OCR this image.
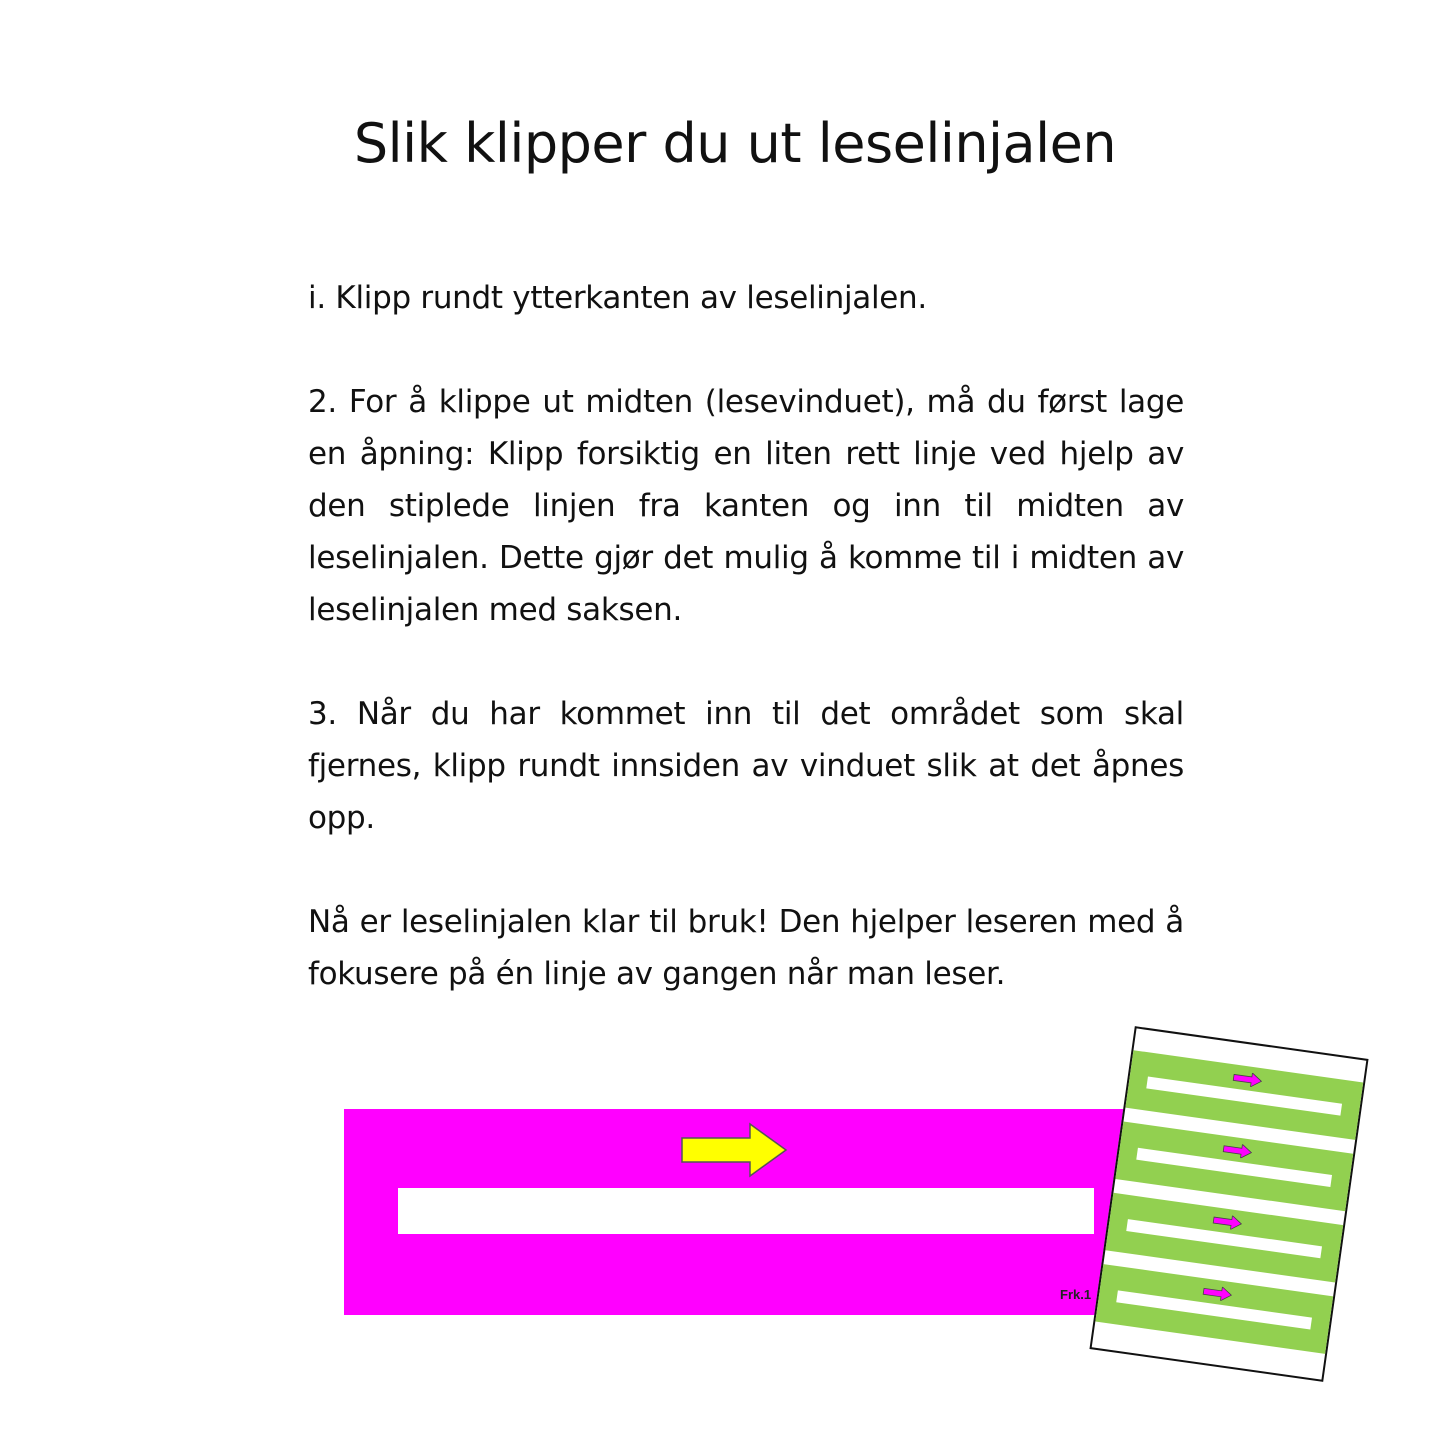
Slik klipper du ut leselinjalen

i. Klipp rundt ytterkanten av leselinjalen.

2. For å klippe ut midten (lesevinduet), må du først lage en åpning: Klipp forsiktig en liten rett linje ved hjelp av den stiplede linjen fra kanten og inn til midten av leselinjalen. Dette gjør det mulig å komme til i midten av leselinjalen med saksen.

3. Når du har kommet inn til det området som skal fjernes, klipp rundt innsiden av vinduet slik at det åpnes opp.

Nå er leselinjalen klar til bruk! Den hjelper leseren med å fokusere på én linje av gangen når man leser.

Frk.1
